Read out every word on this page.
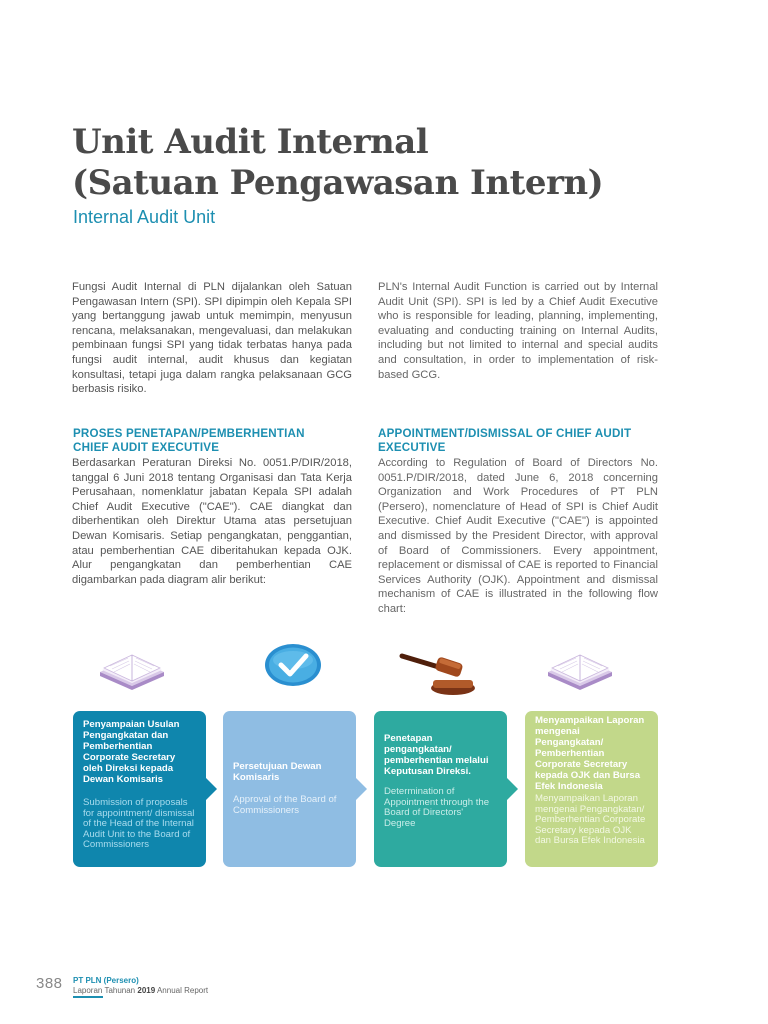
Unit Audit Internal
(Satuan Pengawasan Intern)
Internal Audit Unit

Fungsi Audit Internal di PLN dijalankan oleh Satuan Pengawasan Intern (SPI). SPI dipimpin oleh Kepala SPI yang bertanggung jawab untuk memimpin, menyusun rencana, melaksanakan, mengevaluasi, dan melakukan pembinaan fungsi SPI yang tidak terbatas hanya pada fungsi audit internal, audit khusus dan kegiatan konsultasi, tetapi juga dalam rangka pelaksanaan GCG berbasis risiko.

PLN's Internal Audit Function is carried out by Internal Audit Unit (SPI). SPI is led by a Chief Audit Executive who is responsible for leading, planning, implementing, evaluating and conducting training on Internal Audits, including but not limited to internal and special audits and consultation, in order to implementation of risk-based GCG.

PROSES PENETAPAN/PEMBERHENTIAN CHIEF AUDIT EXECUTIVE
APPOINTMENT/DISMISSAL OF CHIEF AUDIT EXECUTIVE

Berdasarkan Peraturan Direksi No. 0051.P/DIR/2018, tanggal 6 Juni 2018 tentang Organisasi dan Tata Kerja Perusahaan, nomenklatur jabatan Kepala SPI adalah Chief Audit Executive ("CAE"). CAE diangkat dan diberhentikan oleh Direktur Utama atas persetujuan Dewan Komisaris. Setiap pengangkatan, penggantian, atau pemberhentian CAE diberitahukan kepada OJK. Alur pengangkatan dan pemberhentian CAE digambarkan pada diagram alir berikut:

According to Regulation of Board of Directors No. 0051.P/DIR/2018, dated June 6, 2018 concerning Organization and Work Procedures of PT PLN (Persero), nomenclature of Head of SPI is Chief Audit Executive. Chief Audit Executive ("CAE") is appointed and dismissed by the President Director, with approval of Board of Commissioners. Every appointment, replacement or dismissal of CAE is reported to Financial Services Authority (OJK). Appointment and dismissal mechanism of CAE is illustrated in the following flow chart:

Penyampaian Usulan Pengangkatan dan Pemberhentian Corporate Secretary oleh Direksi kepada Dewan Komisaris
Submission of proposals for appointment/ dismissal of the Head of the Internal Audit Unit to the Board of Commissioners
Persetujuan Dewan Komisaris
Approval of the Board of Commissioners
Penetapan pengangkatan/ pemberhentian melalui Keputusan Direksi.
Determination of Appointment through the Board of Directors' Degree
Menyampaikan Laporan mengenai Pengangkatan/ Pemberhentian Corporate Secretary kepada OJK dan Bursa Efek Indonesia
Menyampaikan Laporan mengenai Pengangkatan/ Pemberhentian Corporate Secretary kepada OJK dan Bursa Efek Indonesia
388 PT PLN (Persero)
Laporan Tahunan 2019 Annual Report
